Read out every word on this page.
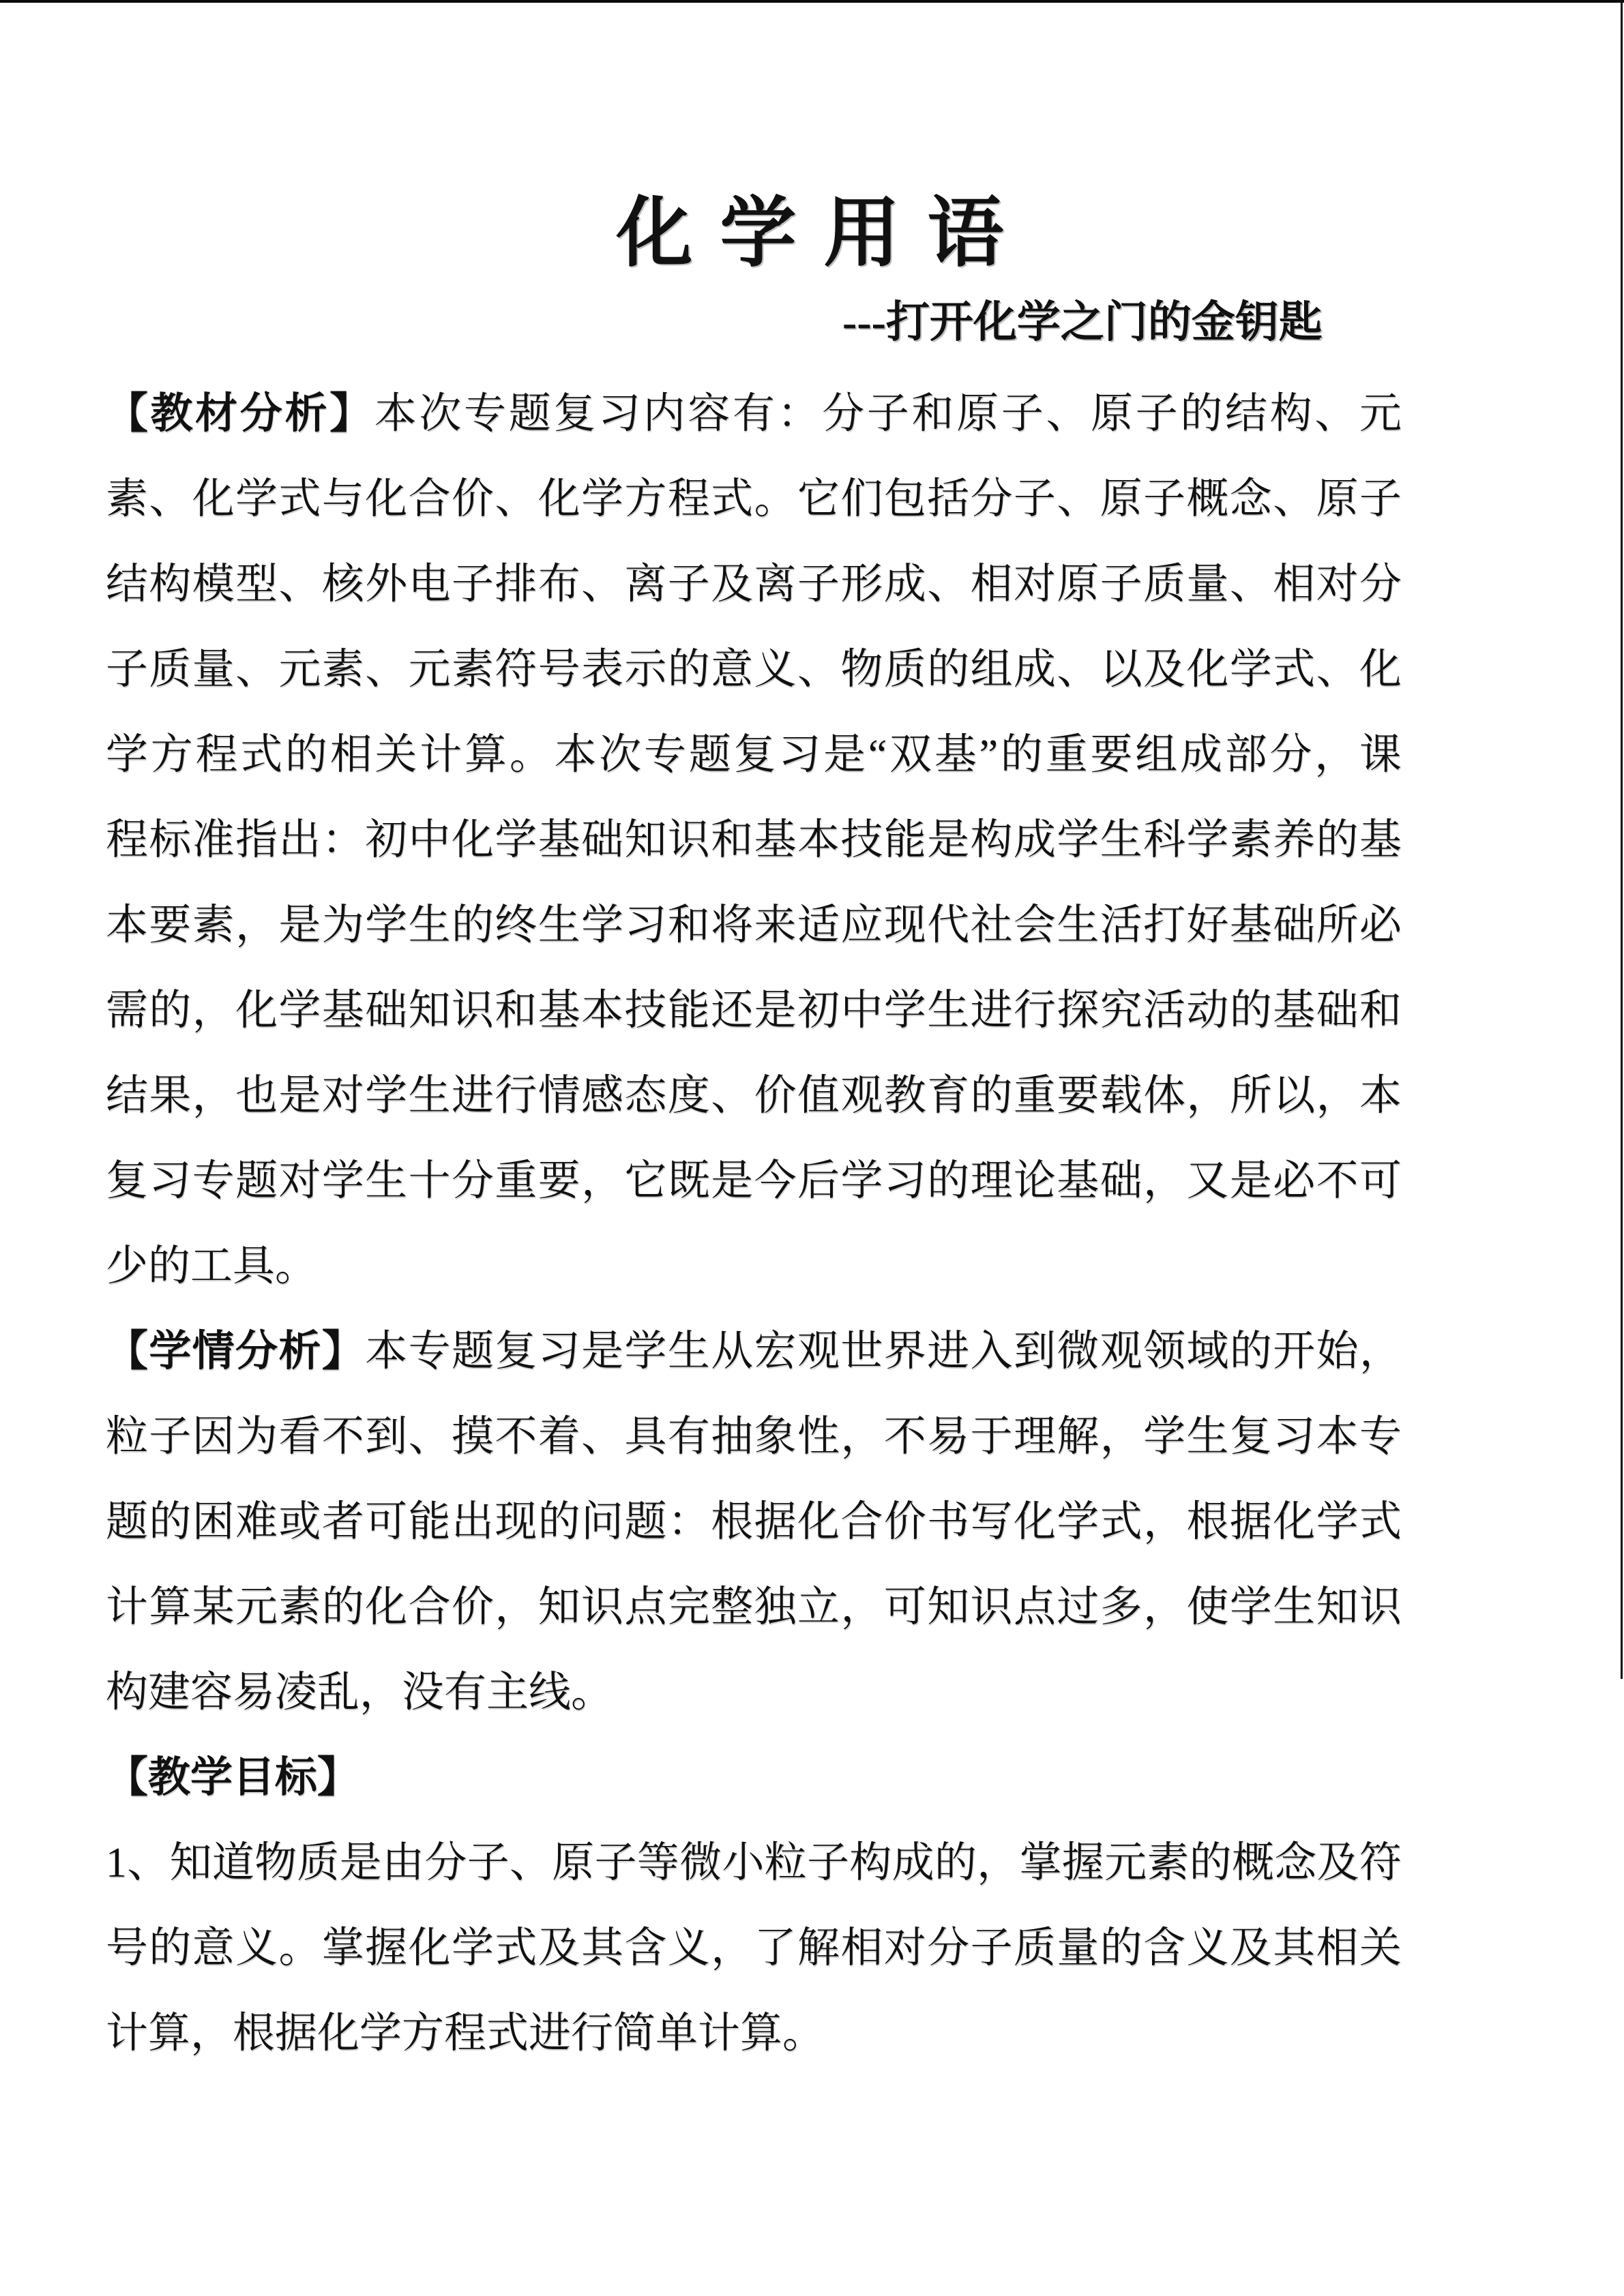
化 学 用 语
---打开化学之门的金钥匙
【教材分析】本次专题复习内容有：分子和原子、原子的结构、元
素、化学式与化合价、化学方程式。它们包括分子、原子概念、原子
结构模型、核外电子排布、离子及离子形成、相对原子质量、相对分
子质量、元素、元素符号表示的意义、物质的组成、以及化学式、化
学方程式的相关计算。本次专题复习是“双基”的重要组成部分，课
程标准指出：初中化学基础知识和基本技能是构成学生科学素养的基
本要素，是为学生的终生学习和将来适应现代社会生活打好基础所必
需的，化学基础知识和基本技能还是初中学生进行探究活动的基础和
结果，也是对学生进行情感态度、价值观教育的重要载体，所以，本
复习专题对学生十分重要，它既是今后学习的理论基础，又是必不可
少的工具。
【学情分析】本专题复习是学生从宏观世界进入到微观领域的开始，
粒子因为看不到、摸不着、具有抽象性，不易于理解，学生复习本专
题的困难或者可能出现的问题：根据化合价书写化学式，根据化学式
计算某元素的化合价，知识点完整独立，可知识点过多，使学生知识
构建容易凌乱，没有主线。
【教学目标】
1、知道物质是由分子、原子等微小粒子构成的，掌握元素的概念及符
号的意义。掌握化学式及其含义，了解相对分子质量的含义及其相关
计算，根据化学方程式进行简单计算。
